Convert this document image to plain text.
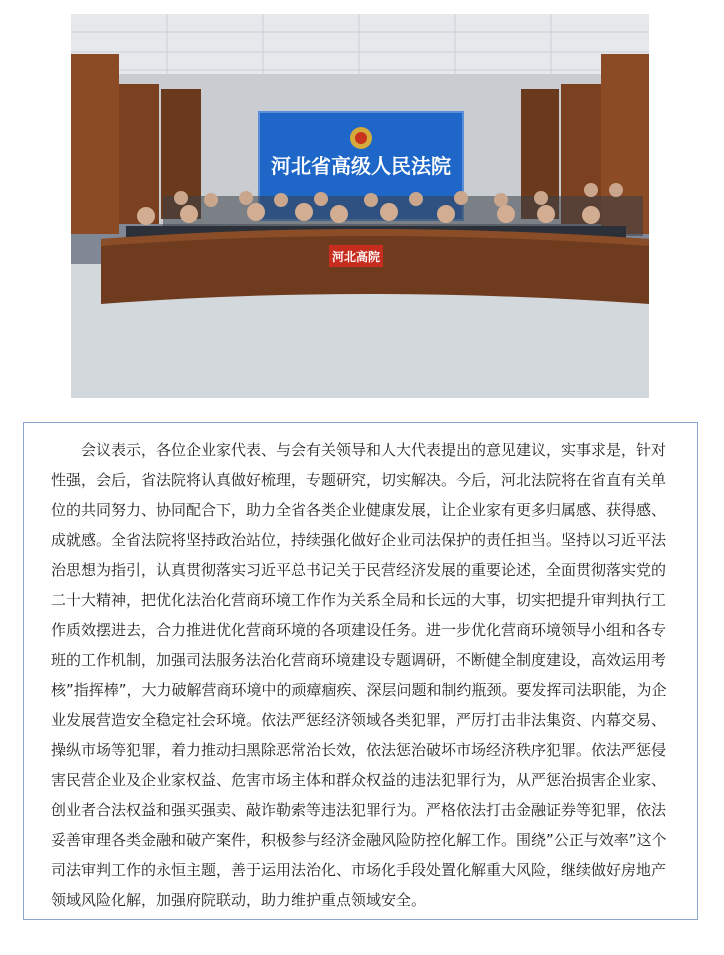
河北省高级人民法院
河北高院
会议表示，各位企业家代表、与会有关领导和人大代表提出的意见建议，实事求是，针对
性强，会后，省法院将认真做好梳理，专题研究，切实解决。今后，河北法院将在省直有关单
位的共同努力、协同配合下，助力全省各类企业健康发展，让企业家有更多归属感、获得感、
成就感。全省法院将坚持政治站位，持续强化做好企业司法保护的责任担当。坚持以习近平法
治思想为指引，认真贯彻落实习近平总书记关于民营经济发展的重要论述，全面贯彻落实党的
二十大精神，把优化法治化营商环境工作作为关系全局和长远的大事，切实把提升审判执行工
作质效摆进去，合力推进优化营商环境的各项建设任务。进一步优化营商环境领导小组和各专
班的工作机制，加强司法服务法治化营商环境建设专题调研，不断健全制度建设，高效运用考
核”指挥棒”，大力破解营商环境中的顽瘴痼疾、深层问题和制约瓶颈。要发挥司法职能，为企
业发展营造安全稳定社会环境。依法严惩经济领域各类犯罪，严厉打击非法集资、内幕交易、
操纵市场等犯罪，着力推动扫黑除恶常治长效，依法惩治破坏市场经济秩序犯罪。依法严惩侵
害民营企业及企业家权益、危害市场主体和群众权益的违法犯罪行为，从严惩治损害企业家、
创业者合法权益和强买强卖、敲诈勒索等违法犯罪行为。严格依法打击金融证券等犯罪，依法
妥善审理各类金融和破产案件，积极参与经济金融风险防控化解工作。围绕”公正与效率”这个
司法审判工作的永恒主题，善于运用法治化、市场化手段处置化解重大风险，继续做好房地产
领域风险化解，加强府院联动，助力维护重点领域安全。
